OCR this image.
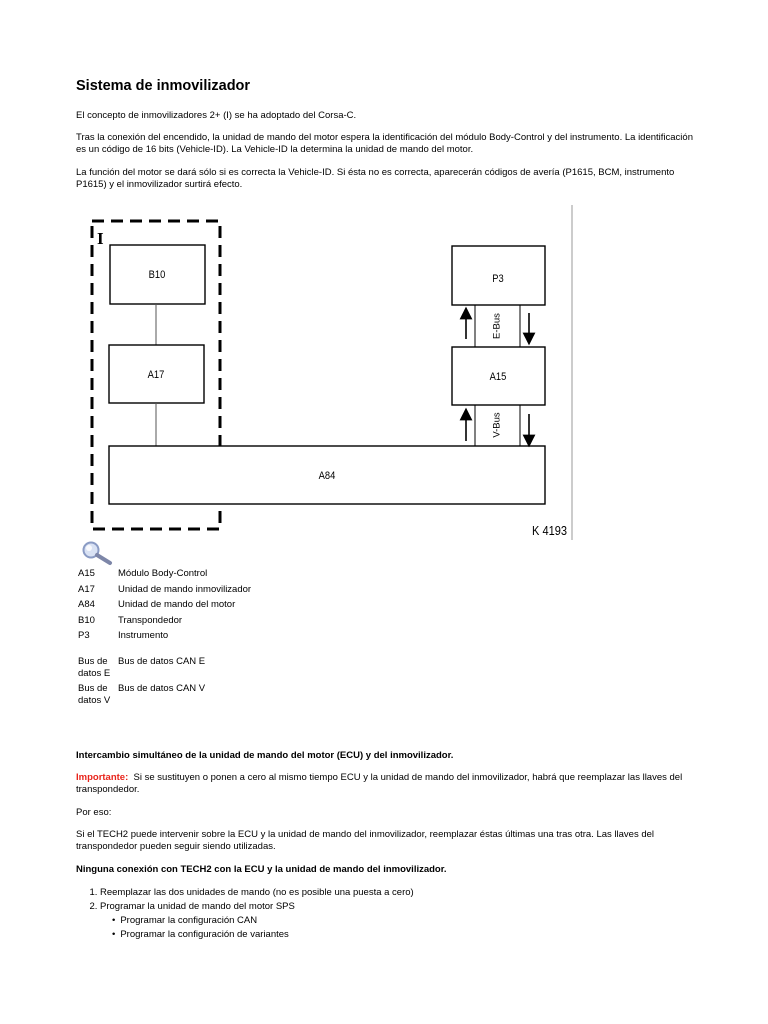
Sistema de inmovilizador

El concepto de inmovilizadores 2+ (I) se ha adoptado del Corsa-C.

Tras la conexión del encendido, la unidad de mando del motor espera la identificación del módulo Body-Control y del instrumento. La identificación es un código de 16 bits (Vehicle-ID). La Vehicle-ID la determina la unidad de mando del motor.

La función del motor se dará sólo si es correcta la Vehicle-ID. Si ésta no es correcta, aparecerán códigos de avería (P1615, BCM, instrumento P1615) y el inmovilizador surtirá efecto.

I
B10
A17
P3
A15
A84
E-Bus
V-Bus
K 4193
A15	Módulo Body-Control
A17	Unidad de mando inmovilizador
A84	Unidad de mando del motor
B10	Transpondedor
P3	Instrumento

Bus de datos E	Bus de datos CAN E
Bus de datos V	Bus de datos CAN V

Intercambio simultáneo de la unidad de mando del motor (ECU) y del inmovilizador.

Importante: Si se sustituyen o ponen a cero al mismo tiempo ECU y la unidad de mando del inmovilizador, habrá que reemplazar las llaves del transpondedor.

Por eso:

Si el TECH2 puede intervenir sobre la ECU y la unidad de mando del inmovilizador, reemplazar éstas últimas una tras otra. Las llaves del transpondedor pueden seguir siendo utilizadas.

Ninguna conexión con TECH2 con la ECU y la unidad de mando del inmovilizador.

1. Reemplazar las dos unidades de mando (no es posible una puesta a cero)
2. Programar la unidad de mando del motor SPS
• Programar la configuración CAN
• Programar la configuración de variantes
